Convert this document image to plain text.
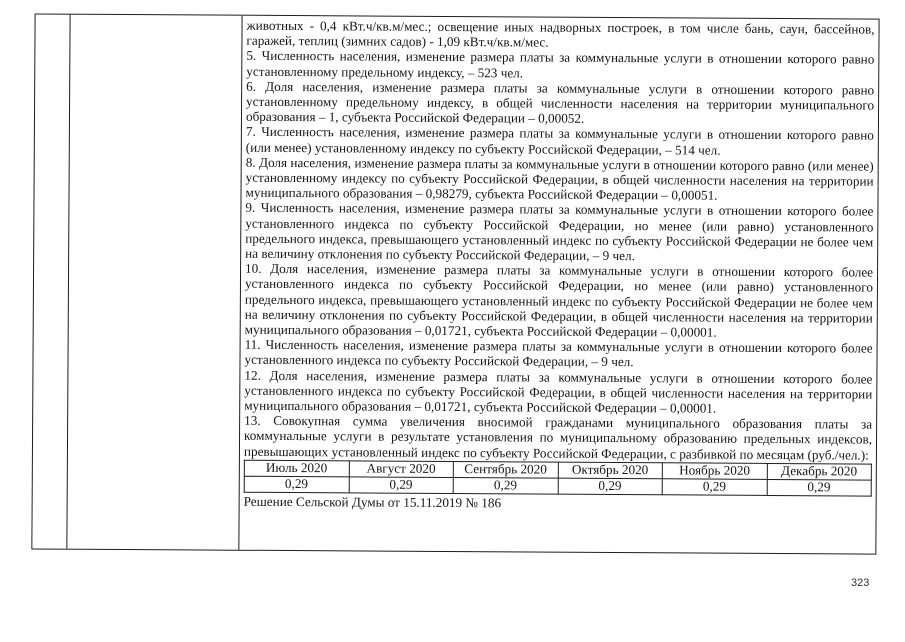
животных - 0,4 кВт.ч/кв.м/мес.; освещение иных надворных построек, в том числе бань, саун, бассейнов, гаражей, теплиц (зимних садов) - 1,09 кВт.ч/кв.м/мес.

5. Численность населения, изменение размера платы за коммунальные услуги в отношении которого равно установленному предельному индексу, – 523 чел.

6. Доля населения, изменение размера платы за коммунальные услуги в отношении которого равно установленному предельному индексу, в общей численности населения на территории муниципального образования – 1, субъекта Российской Федерации – 0,00052.

7. Численность населения, изменение размера платы за коммунальные услуги в отношении которого равно (или менее) установленному индексу по субъекту Российской Федерации, – 514 чел.

8. Доля населения, изменение размера платы за коммунальные услуги в отношении которого равно (или менее) установленному индексу по субъекту Российской Федерации, в общей численности населения на территории муниципального образования – 0,98279, субъекта Российской Федерации – 0,00051.

9. Численность населения, изменение размера платы за коммунальные услуги в отношении которого более установленного индекса по субъекту Российской Федерации, но менее (или равно) установленного предельного индекса, превышающего установленный индекс по субъекту Российской Федерации не более чем на величину отклонения по субъекту Российской Федерации, – 9 чел.

10. Доля населения, изменение размера платы за коммунальные услуги в отношении которого более установленного индекса по субъекту Российской Федерации, но менее (или равно) установленного предельного индекса, превышающего установленный индекс по субъекту Российской Федерации не более чем на величину отклонения по субъекту Российской Федерации, в общей численности населения на территории муниципального образования – 0,01721, субъекта Российской Федерации – 0,00001.

11. Численность населения, изменение размера платы за коммунальные услуги в отношении которого более установленного индекса по субъекту Российской Федерации, – 9 чел.

12. Доля населения, изменение размера платы за коммунальные услуги в отношении которого более установленного индекса по субъекту Российской Федерации, в общей численности населения на территории муниципального образования – 0,01721, субъекта Российской Федерации – 0,00001.

13. Совокупная сумма увеличения вносимой гражданами муниципального образования платы за коммунальные услуги в результате установления по муниципальному образованию предельных индексов, превышающих установленный индекс по субъекту Российской Федерации, с разбивкой по месяцам (руб./чел.):

Июль 2020	Август 2020	Сентябрь 2020	Октябрь 2020	Ноябрь 2020	Декабрь 2020
0,29	0,29	0,29	0,29	0,29	0,29

Решение Сельской Думы от 15.11.2019 № 186

323
